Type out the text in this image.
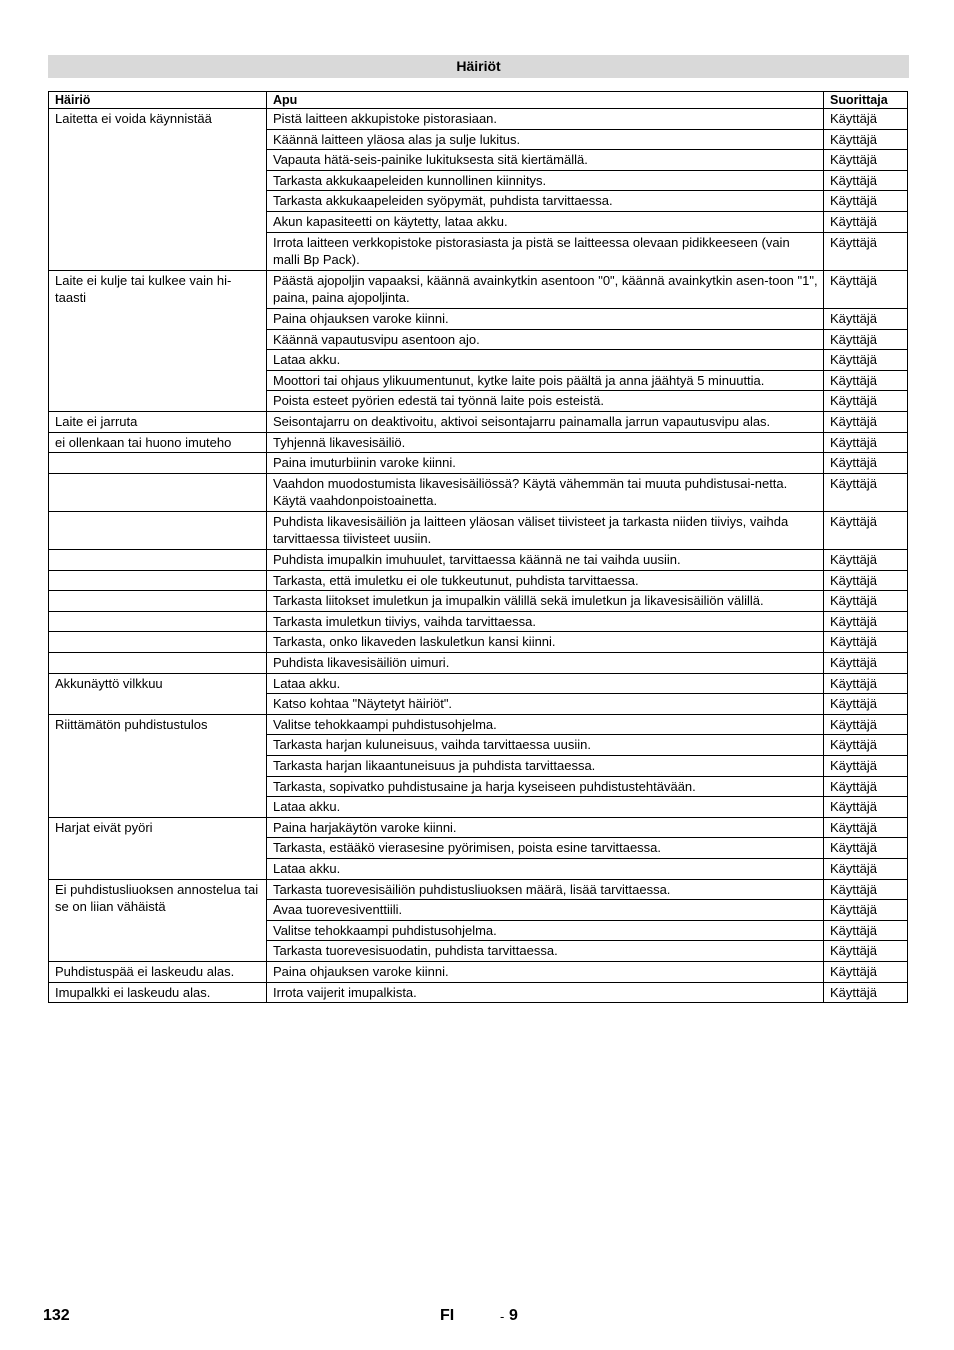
Häiriöt
Häiriö	Apu	Suorittaja
Laitetta ei voida käynnistää	Pistä laitteen akkupistoke pistorasiaan.	Käyttäjä
	Käännä laitteen yläosa alas ja sulje lukitus.	Käyttäjä
	Vapauta hätä-seis-painike lukituksesta sitä kiertämällä.	Käyttäjä
	Tarkasta akkukaapeleiden kunnollinen kiinnitys.	Käyttäjä
	Tarkasta akkukaapeleiden syöpymät, puhdista tarvittaessa.	Käyttäjä
	Akun kapasiteetti on käytetty, lataa akku.	Käyttäjä
	Irrota laitteen verkkopistoke pistorasiasta ja pistä se laitteessa olevaan pidikkeeseen (vain malli Bp Pack).	Käyttäjä
Laite ei kulje tai kulkee vain hi-taasti	Päästä ajopoljin vapaaksi, käännä avainkytkin asentoon "0", käännä avainkytkin asen-toon "1", paina, paina ajopoljinta.	Käyttäjä
	Paina ohjauksen varoke kiinni.	Käyttäjä
	Käännä vapautusvipu asentoon ajo.	Käyttäjä
	Lataa akku.	Käyttäjä
	Moottori tai ohjaus ylikuumentunut, kytke laite pois päältä ja anna jäähtyä 5 minuuttia.	Käyttäjä
	Poista esteet pyörien edestä tai työnnä laite pois esteistä.	Käyttäjä
Laite ei jarruta	Seisontajarru on deaktivoitu, aktivoi seisontajarru painamalla jarrun vapautusvipu alas.	Käyttäjä
ei ollenkaan tai huono imuteho	Tyhjennä likavesisäiliö.	Käyttäjä
	Paina imuturbiinin varoke kiinni.	Käyttäjä
	Vaahdon muodostumista likavesisäiliössä? Käytä vähemmän tai muuta puhdistusai-netta. Käytä vaahdonpoistoainetta.	Käyttäjä
	Puhdista likavesisäiliön ja laitteen yläosan väliset tiivisteet ja tarkasta niiden tiiviys, vaihda tarvittaessa tiivisteet uusiin.	Käyttäjä
	Puhdista imupalkin imuhuulet, tarvittaessa käännä ne tai vaihda uusiin.	Käyttäjä
	Tarkasta, että imuletku ei ole tukkeutunut, puhdista tarvittaessa.	Käyttäjä
	Tarkasta liitokset imuletkun ja imupalkin välillä sekä imuletkun ja likavesisäiliön välillä.	Käyttäjä
	Tarkasta imuletkun tiiviys, vaihda tarvittaessa.	Käyttäjä
	Tarkasta, onko likaveden laskuletkun kansi kiinni.	Käyttäjä
	Puhdista likavesisäiliön uimuri.	Käyttäjä
Akkunäyttö vilkkuu	Lataa akku.	Käyttäjä
	Katso kohtaa "Näytetyt häiriöt".	Käyttäjä
Riittämätön puhdistustulos	Valitse tehokkaampi puhdistusohjelma.	Käyttäjä
	Tarkasta harjan kuluneisuus, vaihda tarvittaessa uusiin.	Käyttäjä
	Tarkasta harjan likaantuneisuus ja puhdista tarvittaessa.	Käyttäjä
	Tarkasta, sopivatko puhdistusaine ja harja kyseiseen puhdistustehtävään.	Käyttäjä
	Lataa akku.	Käyttäjä
Harjat eivät pyöri	Paina harjakäytön varoke kiinni.	Käyttäjä
	Tarkasta, estääkö vierasesine pyörimisen, poista esine tarvittaessa.	Käyttäjä
	Lataa akku.	Käyttäjä
Ei puhdistusliuoksen annostelua tai se on liian vähäistä	Tarkasta tuorevesisäiliön puhdistusliuoksen määrä, lisää tarvittaessa.	Käyttäjä
	Avaa tuorevesiventtiili.	Käyttäjä
	Valitse tehokkaampi puhdistusohjelma.	Käyttäjä
	Tarkasta tuorevesisuodatin, puhdista tarvittaessa.	Käyttäjä
Puhdistuspää ei laskeudu alas.	Paina ohjauksen varoke kiinni.	Käyttäjä
Imupalkki ei laskeudu alas.	Irrota vaijerit imupalkista.	Käyttäjä
132	FI	- 9
